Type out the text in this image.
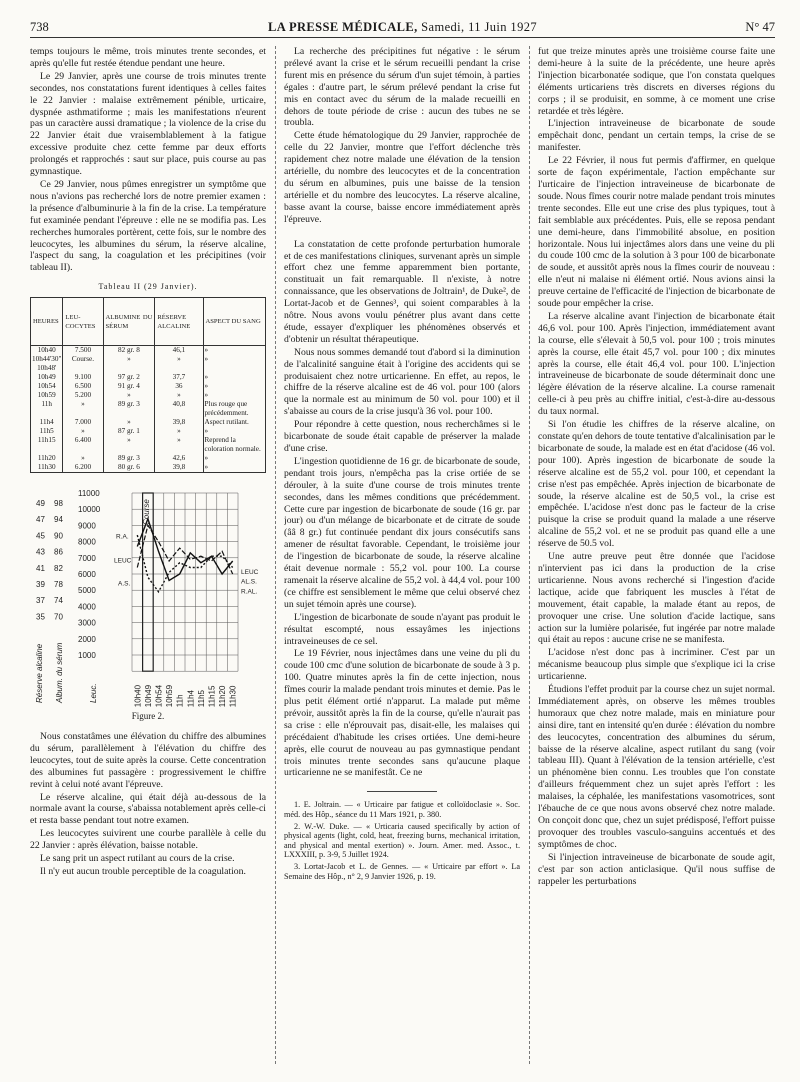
738	LA PRESSE MÉDICALE, Samedi, 11 Juin 1927	N° 47

temps toujours le même, trois minutes trente secondes, et après qu'elle fut restée étendue pendant une heure.

Le 29 Janvier, après une course de trois minutes trente secondes, nos constatations furent identiques à celles faites le 22 Janvier : malaise extrêmement pénible, urticaire, dyspnée asthmatiforme ; mais les manifestations n'eurent pas un caractère aussi dramatique ; la violence de la crise du 22 Janvier était due vraisemblablement à la fatigue excessive produite chez cette femme par deux efforts prolongés et rapprochés : saut sur place, puis course au pas gymnastique.

Ce 29 Janvier, nous pûmes enregistrer un symptôme que nous n'avions pas recherché lors de notre premier examen : la présence d'albuminurie à la fin de la crise. La température fut examinée pendant l'épreuve : elle ne se modifia pas. Les recherches humorales portèrent, cette fois, sur le nombre des leucocytes, les albumines du sérum, la réserve alcaline, l'aspect du sang, la coagulation et les précipitines (voir tableau II).

Tableau II (29 Janvier).
HEURES	LEU-COCYTES	ALBUMINE DU SÉRUM	RÉSERVE ALCALINE	ASPECT DU SANG
10h40	7.500	82 gr. 8	46,1	»
10h44'30"	Course.	»	»	»
10h48'				
10h49	9.100	97 gr. 2	37,7	»
10h54	6.500	91 gr. 4	36	»
10h59	5.200	»	»	»
11h	»	89 gr. 3	40,8	Plus rouge que précédemment.
11h4	7.000	»	39,8	Aspect rutilant.
11h5	»	87 gr. 1	»	»
11h15	6.400	»	»	Reprend la coloration normale.
11h20	»	89 gr. 3	42,6	»
11h30	6.200	80 gr. 6	39,8	»
49
47
45
43
41
39
37
35
98
94
90
86
82
78
74
70
11000
10000
9000
8000
7000
6000
5000
4000
3000
2000
1000
10h40 10h49 10h54 10h59 11h 11h4 11h5 11h15 11h20 11h30
Course
R.A.
LEUC
A.S.
LEUC
AL.S.
R.AL.
Réserve alcaline Album. du sérum	Leuc.
Figure 2.

Nous constatâmes une élévation du chiffre des albumines du sérum, parallèlement à l'élévation du chiffre des leucocytes, tout de suite après la course. Cette concentration des albumines fut passagère : progressivement le chiffre revint à celui noté avant l'épreuve.

Le réserve alcaline, qui était déjà au-dessous de la normale avant la course, s'abaissa notablement après celle-ci et resta basse pendant tout notre examen.

Les leucocytes suivirent une courbe parallèle à celle du 22 Janvier : après élévation, baisse notable.

Le sang prit un aspect rutilant au cours de la crise.

Il n'y eut aucun trouble perceptible de la coagulation.

La recherche des précipitines fut négative : le sérum prélevé avant la crise et le sérum recueilli pendant la crise furent mis en présence du sérum d'un sujet témoin, à parties égales : d'autre part, le sérum prélevé pendant la crise fut mis en contact avec du sérum de la malade recueilli en dehors de toute période de crise : aucun des tubes ne se troubla.

Cette étude hématologique du 29 Janvier, rapprochée de celle du 22 Janvier, montre que l'effort déclenche très rapidement chez notre malade une élévation de la tension artérielle, du nombre des leucocytes et de la concentration du sérum en albumines, puis une baisse de la tension artérielle et du nombre des leucocytes. La réserve alcaline, basse avant la course, baisse encore immédiatement après l'épreuve.

La constatation de cette profonde perturbation humorale et de ces manifestations cliniques, survenant après un simple effort chez une femme apparemment bien portante, constituait un fait remarquable. Il n'existe, à notre connaissance, que les observations de Joltrain¹, de Duke², de Lortat-Jacob et de Gennes³, qui soient comparables à la nôtre. Nous avons voulu pénétrer plus avant dans cette étude, essayer d'expliquer les phénomènes observés et d'obtenir un résultat thérapeutique.

Nous nous sommes demandé tout d'abord si la diminution de l'alcalinité sanguine était à l'origine des accidents qui se produisaient chez notre urticarienne. En effet, au repos, le chiffre de la réserve alcaline est de 46 vol. pour 100 (alors que la normale est au minimum de 50 vol. pour 100) et il s'abaisse au cours de la crise jusqu'à 36 vol. pour 100.

Pour répondre à cette question, nous recherchâmes si le bicarbonate de soude était capable de préserver la malade d'une crise.

L'ingestion quotidienne de 16 gr. de bicarbonate de soude, pendant trois jours, n'empêcha pas la crise ortiée de se dérouler, à la suite d'une course de trois minutes trente secondes, dans les mêmes conditions que précédemment. Cette cure par ingestion de bicarbonate de soude (16 gr. par jour) ou d'un mélange de bicarbonate et de citrate de soude (ââ 8 gr.) fut continuée pendant dix jours consécutifs sans amener de résultat favorable. Cependant, le troisième jour de l'ingestion de bicarbonate de soude, la réserve alcaline était devenue normale : 55,2 vol. pour 100. La course ramenait la réserve alcaline de 55,2 vol. à 44,4 vol. pour 100 (ce chiffre est sensiblement le même que celui observé chez un sujet témoin après une course).

L'ingestion de bicarbonate de soude n'ayant pas produit le résultat escompté, nous essayâmes les injections intraveineuses de ce sel.

Le 19 Février, nous injectâmes dans une veine du pli du coude 100 cmc d'une solution de bicarbonate de soude à 3 p. 100. Quatre minutes après la fin de cette injection, nous fîmes courir la malade pendant trois minutes et demie. Pas le plus petit élément ortié n'apparut. La malade put même prévoir, aussitôt après la fin de la course, qu'elle n'aurait pas sa crise : elle n'éprouvait pas, disait-elle, les malaises qui précédaient d'habitude les crises ortiées. Une demi-heure après, elle courut de nouveau au pas gymnastique pendant trois minutes trente secondes sans qu'aucune plaque urticarienne ne se manifestât. Ce ne

1. E. Joltrain. — « Urticaire par fatigue et colloïdoclasie ». Soc. méd. des Hôp., séance du 11 Mars 1921, p. 380.
2. W.-W. Duke. — « Urticaria caused specifically by action of physical agents (light, cold, heat, freezing burns, mechanical irritation, and physical and mental exertion) ». Journ. Amer. med. Assoc., t. LXXXIII, p. 3-9, 5 Juillet 1924.
3. Lortat-Jacob et L. de Gennes. — « Urticaire par effort ». La Semaine des Hôp., n° 2, 9 Janvier 1926, p. 19.

fut que treize minutes après une troisième course faite une demi-heure à la suite de la précédente, une heure après l'injection bicarbonatée sodique, que l'on constata quelques éléments urticariens très discrets en diverses régions du corps ; il se produisit, en somme, à ce moment une crise retardée et très légère.

L'injection intraveineuse de bicarbonate de soude empêchait donc, pendant un certain temps, la crise de se manifester.

Le 22 Février, il nous fut permis d'affirmer, en quelque sorte de façon expérimentale, l'action empêchante sur l'urticaire de l'injection intraveineuse de bicarbonate de soude. Nous fîmes courir notre malade pendant trois minutes trente secondes. Elle eut une crise des plus typiques, tout à fait semblable aux précédentes. Puis, elle se reposa pendant une demi-heure, dans l'immobilité absolue, en position horizontale. Nous lui injectâmes alors dans une veine du pli du coude 100 cmc de la solution à 3 pour 100 de bicarbonate de soude, et aussitôt après nous la fîmes courir de nouveau : elle n'eut ni malaise ni élément ortié. Nous avions ainsi la preuve certaine de l'efficacité de l'injection de bicarbonate de soude pour empêcher la crise.

La réserve alcaline avant l'injection de bicarbonate était 46,6 vol. pour 100. Après l'injection, immédiatement avant la course, elle s'élevait à 50,5 vol. pour 100 ; trois minutes après la course, elle était 45,7 vol. pour 100 ; dix minutes après la course, elle était 46,4 vol. pour 100. L'injection intraveineuse de bicarbonate de soude déterminait donc une légère élévation de la réserve alcaline. La course ramenait celle-ci à peu près au chiffre initial, c'est-à-dire au-dessous du taux normal.

Si l'on étudie les chiffres de la réserve alcaline, on constate qu'en dehors de toute tentative d'alcalinisation par le bicarbonate de soude, la malade est en état d'acidose (46 vol. pour 100). Après ingestion de bicarbonate de soude la réserve alcaline est de 55,2 vol. pour 100, et cependant la crise n'est pas empêchée. Après injection de bicarbonate de soude, la réserve alcaline est de 50,5 vol., la crise est empêchée. L'acidose n'est donc pas le facteur de la crise puisque la crise se produit quand la malade a une réserve alcaline de 55,2 vol. et ne se produit pas quand elle a une réserve de 50.5 vol.

Une autre preuve peut être donnée que l'acidose n'intervient pas ici dans la production de la crise urticarienne. Nous avons recherché si l'ingestion d'acide lactique, acide que fabriquent les muscles à l'état de mouvement, était capable, la malade étant au repos, de provoquer une crise. Une solution d'acide lactique, sans action sur la lumière polarisée, fut ingérée par notre malade qui était au repos : aucune crise ne se manifesta.

L'acidose n'est donc pas à incriminer. C'est par un mécanisme beaucoup plus simple que s'explique ici la crise urticarienne.

Étudions l'effet produit par la course chez un sujet normal. Immédiatement après, on observe les mêmes troubles humoraux que chez notre malade, mais en miniature pour ainsi dire, tant en intensité qu'en durée : élévation du nombre des leucocytes, concentration des albumines du sérum, baisse de la réserve alcaline, aspect rutilant du sang (voir tableau III). Quant à l'élévation de la tension artérielle, c'est un phénomène bien connu. Les troubles que l'on constate d'ailleurs fréquemment chez un sujet après l'effort : les malaises, la céphalée, les manifestations vasomotrices, sont l'ébauche de ce que nous avons observé chez notre malade. On conçoit donc que, chez un sujet prédisposé, l'effort puisse provoquer des troubles vasculo-sanguins accentués et des symptômes de choc.

Si l'injection intraveineuse de bicarbonate de soude agit, c'est par son action anticlasique. Qu'il nous suffise de rappeler les perturbations
